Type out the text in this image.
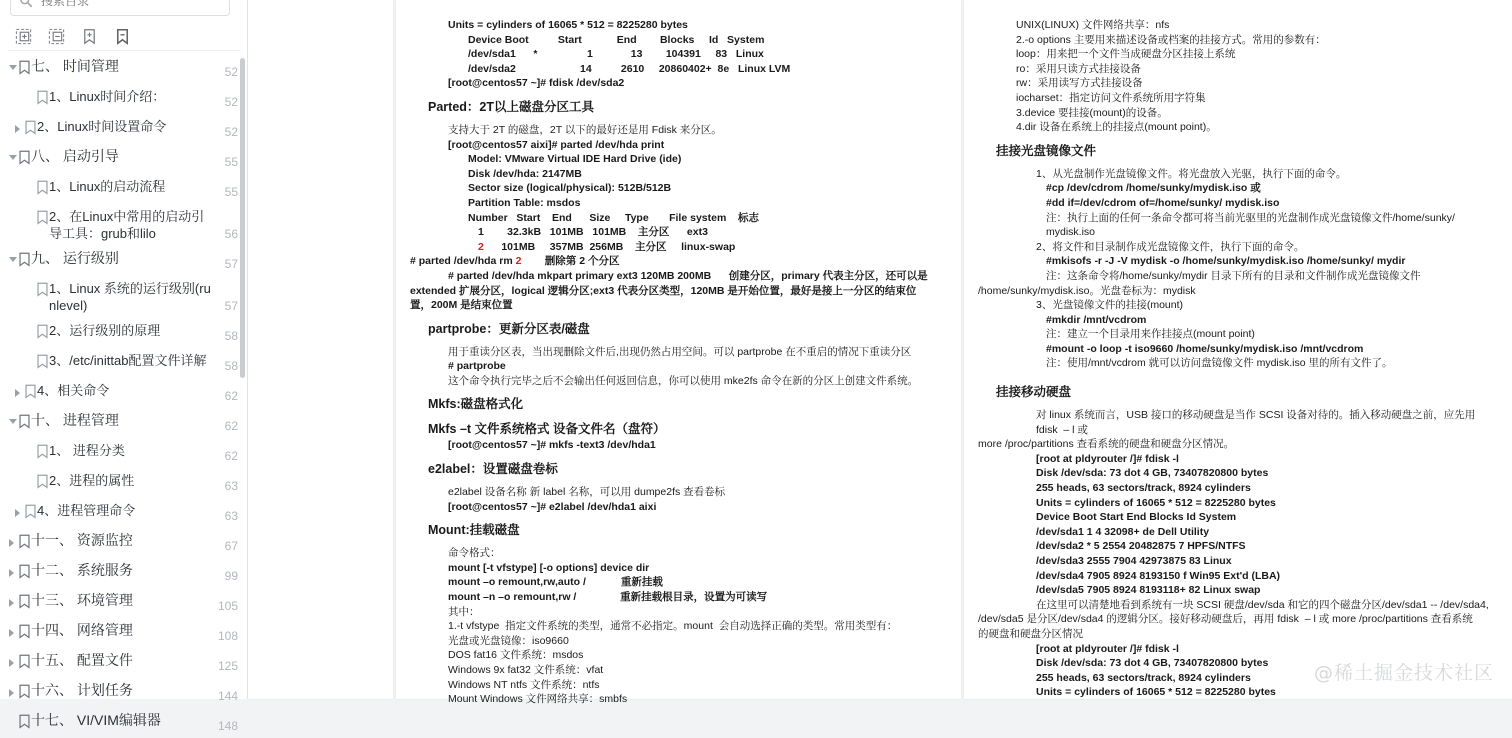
搜索目录
七、 时间管理	52
1、Linux时间介绍：	52
2、Linux时间设置命令	52
八、 启动引导	55
1、Linux的启动流程	55
2、在Linux中常用的启动引导工具：grub和lilo	56
九、 运行级别	57
1、Linux 系统的运行级别(runlevel)	57
2、运行级别的原理	58
3、/etc/inittab配置文件详解	58
4、相关命令	62
十、 进程管理	62
1、 进程分类	62
2、进程的属性	63
4、进程管理命令	63
十一、 资源监控	67
十二、 系统服务	99
十三、 环境管理	105
十四、 网络管理	108
十五、 配置文件	125
十六、 计划任务	144
十七、 VI/VIM编辑器	148
Units = cylinders of 16065 * 512 = 8225280 bytes
Device Boot          Start            End        Blocks     Id   System
/dev/sda1      *                 1             13        104391     83   Linux
/dev/sda2                      14          2610     20860402+  8e   Linux LVM
[root@centos57 ~]# fdisk /dev/sda2
Parted：2T以上磁盘分区工具
支持大于 2T 的磁盘，2T 以下的最好还是用 Fdisk 来分区。
[root@centos57 aixi]# parted /dev/hda print
Model: VMware Virtual IDE Hard Drive (ide)
Disk /dev/hda: 2147MB
Sector size (logical/physical): 512B/512B
Partition Table: msdos
Number   Start    End      Size     Type       File system    标志
1        32.3kB   101MB   101MB    主分区      ext3
2      101MB     357MB  256MB    主分区     linux-swap
# parted /dev/hda rm 2        删除第 2 个分区
# parted /dev/hda mkpart primary ext3 120MB 200MB      创建分区，primary 代表主分区，还可以是
extended 扩展分区，logical 逻辑分区;ext3 代表分区类型，120MB 是开始位置，最好是接上一分区的结束位
置，200M 是结束位置
partprobe：更新分区表/磁盘
用于重读分区表，当出现删除文件后,出现仍然占用空间。可以 partprobe 在不重启的情况下重读分区
# partprobe
这个命令执行完毕之后不会输出任何返回信息，你可以使用 mke2fs 命令在新的分区上创建文件系统。
Mkfs:磁盘格式化
Mkfs –t 文件系统格式 设备文件名（盘符）
[root@centos57 ~]# mkfs -text3 /dev/hda1
e2label：设置磁盘卷标
e2label 设备名称 新 label 名称，可以用 dumpe2fs 查看卷标
[root@centos57 ~]# e2label /dev/hda1 aixi
Mount:挂载磁盘
命令格式：
mount [-t vfstype] [-o options] device dir
mount –o remount,rw,auto /            重新挂载
mount –n –o remount,rw /               重新挂载根目录，设置为可读写
其中：
1.-t vfstype  指定文件系统的类型，通常不必指定。mount  会自动选择正确的类型。常用类型有：
光盘或光盘镜像：iso9660
DOS fat16 文件系统：msdos
Windows 9x fat32 文件系统：vfat
Windows NT ntfs 文件系统：ntfs
Mount Windows 文件网络共享：smbfs
UNIX(LINUX) 文件网络共享：nfs
2.-o options 主要用来描述设备或档案的挂接方式。常用的参数有：
loop：用来把一个文件当成硬盘分区挂接上系统
ro：采用只读方式挂接设备
rw：采用读写方式挂接设备
iocharset：指定访问文件系统所用字符集
3.device 要挂接(mount)的设备。
4.dir 设备在系统上的挂接点(mount point)。
挂接光盘镜像文件
1、从光盘制作光盘镜像文件。将光盘放入光驱，执行下面的命令。
#cp /dev/cdrom /home/sunky/mydisk.iso 或
#dd if=/dev/cdrom of=/home/sunky/ mydisk.iso
注：执行上面的任何一条命令都可将当前光驱里的光盘制作成光盘镜像文件/home/sunky/ mydisk.iso
2、将文件和目录制作成光盘镜像文件，执行下面的命令。
#mkisofs -r -J -V mydisk -o /home/sunky/mydisk.iso /home/sunky/ mydir
注：这条命令将/home/sunky/mydir 目录下所有的目录和文件制作成光盘镜像文件
/home/sunky/mydisk.iso。光盘卷标为：mydisk
3、光盘镜像文件的挂接(mount)
#mkdir /mnt/vcdrom
注：建立一个目录用来作挂接点(mount point)
#mount -o loop -t iso9660 /home/sunky/mydisk.iso /mnt/vcdrom
注：使用/mnt/vcdrom 就可以访问盘镜像文件 mydisk.iso 里的所有文件了。
挂接移动硬盘
对 linux 系统而言，USB 接口的移动硬盘是当作 SCSI 设备对待的。插入移动硬盘之前，应先用 fdisk  – l 或
more /proc/partitions 查看系统的硬盘和硬盘分区情况。
[root at pldyrouter /]# fdisk -l
Disk /dev/sda: 73 dot 4 GB, 73407820800 bytes
255 heads, 63 sectors/track, 8924 cylinders
Units = cylinders of 16065 * 512 = 8225280 bytes
Device Boot Start End Blocks Id System
/dev/sda1 1 4 32098+ de Dell Utility
/dev/sda2 * 5 2554 20482875 7 HPFS/NTFS
/dev/sda3 2555 7904 42973875 83 Linux
/dev/sda4 7905 8924 8193150 f Win95 Ext'd (LBA)
/dev/sda5 7905 8924 8193118+ 82 Linux swap
在这里可以清楚地看到系统有一块 SCSI 硬盘/dev/sda 和它的四个磁盘分区/dev/sda1 -- /dev/sda4,
/dev/sda5 是分区/dev/sda4 的逻辑分区。接好移动硬盘后，再用 fdisk  – l 或 more /proc/partitions 查看系统
的硬盘和硬盘分区情况
[root at pldyrouter /]# fdisk -l
Disk /dev/sda: 73 dot 4 GB, 73407820800 bytes
255 heads, 63 sectors/track, 8924 cylinders
Units = cylinders of 16065 * 512 = 8225280 bytes
@稀土掘金技术社区
